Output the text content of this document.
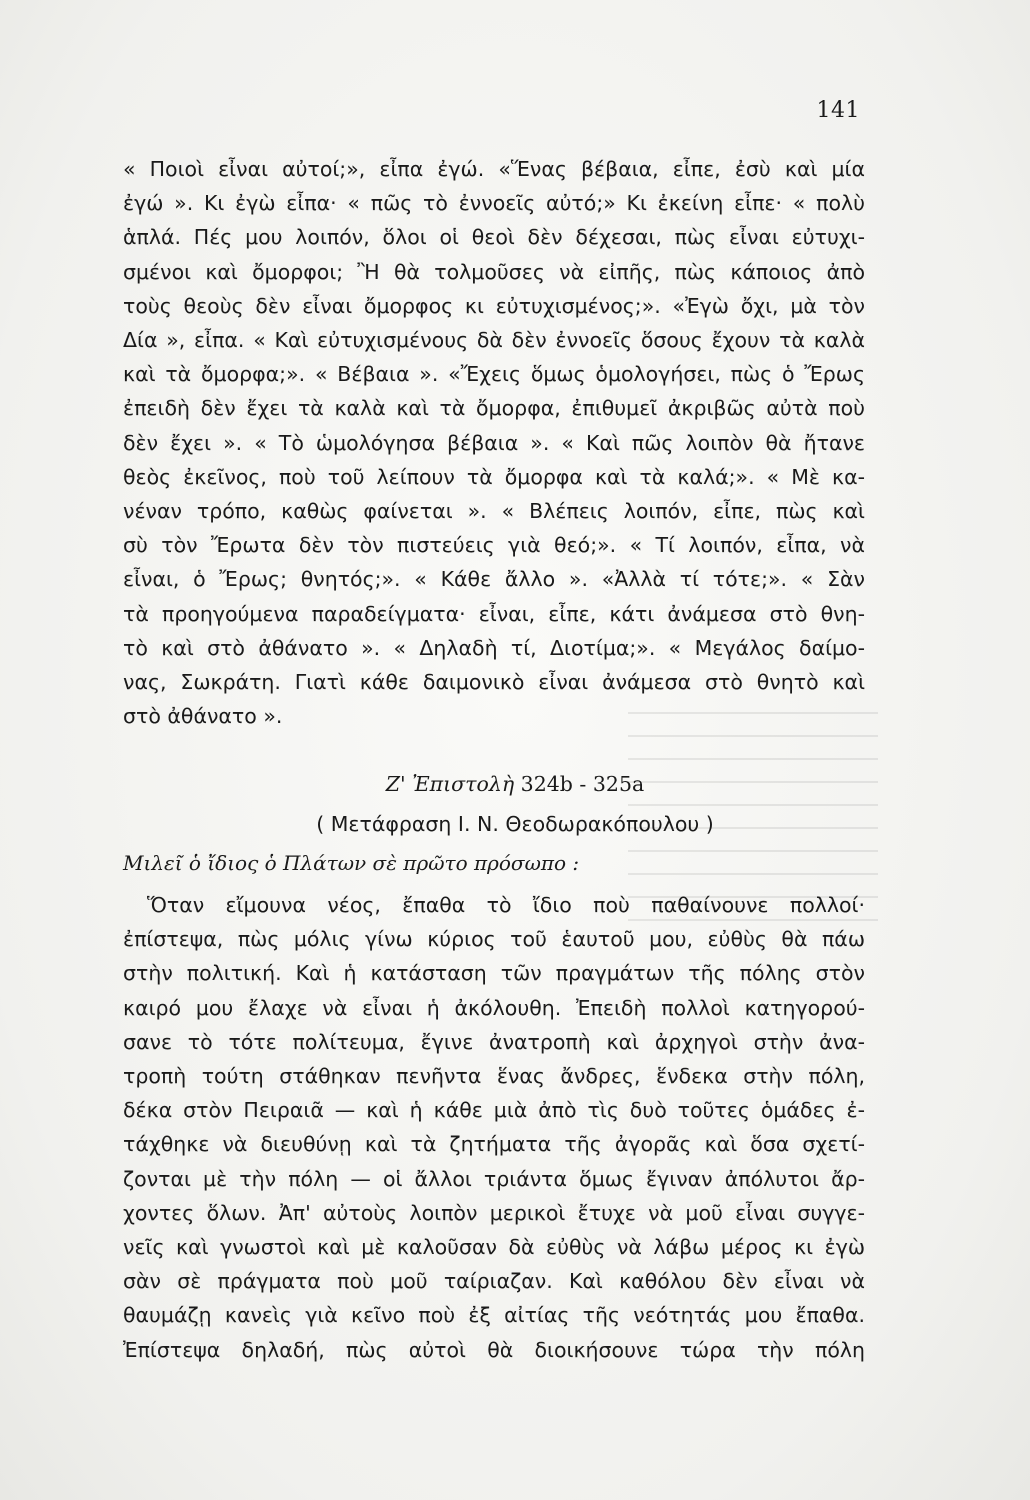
141
« Ποιοὶ εἶναι αὐτοί;», εἶπα ἐγώ. «Ἕνας βέβαια, εἶπε, ἐσὺ καὶ μία
ἐγώ ». Κι ἐγὼ εἶπα· « πῶς τὸ ἐννοεῖς αὐτό;» Κι ἐκείνη εἶπε· « πολὺ
ἁπλά. Πές μου λοιπόν, ὅλοι οἱ θεοὶ δὲν δέχεσαι, πὼς εἶναι εὐτυχι-
σμένοι καὶ ὄμορφοι; Ἢ θὰ τολμοῦσες νὰ εἰπῆς, πὼς κάποιος ἀπὸ
τοὺς θεοὺς δὲν εἶναι ὄμορφος κι εὐτυχισμένος;». «Ἐγὼ ὄχι, μὰ τὸν
Δία », εἶπα. « Καὶ εὐτυχισμένους δὰ δὲν ἐννοεῖς ὅσους ἔχουν τὰ καλὰ
καὶ τὰ ὄμορφα;». « Βέβαια ». «Ἔχεις ὅμως ὁμολογήσει, πὼς ὁ Ἔρως
ἐπειδὴ δὲν ἔχει τὰ καλὰ καὶ τὰ ὄμορφα, ἐπιθυμεῖ ἀκριβῶς αὐτὰ ποὺ
δὲν ἔχει ». « Τὸ ὡμολόγησα βέβαια ». « Καὶ πῶς λοιπὸν θὰ ἤτανε
θεὸς ἐκεῖνος, ποὺ τοῦ λείπουν τὰ ὄμορφα καὶ τὰ καλά;». « Μὲ κα-
νέναν τρόπο, καθὼς φαίνεται ». « Βλέπεις λοιπόν, εἶπε, πὼς καὶ
σὺ τὸν Ἔρωτα δὲν τὸν πιστεύεις γιὰ θεό;». « Τί λοιπόν, εἶπα, νὰ
εἶναι, ὁ Ἔρως; θνητός;». « Κάθε ἄλλο ». «Ἀλλὰ τί τότε;». « Σὰν
τὰ προηγούμενα παραδείγματα· εἶναι, εἶπε, κάτι ἀνάμεσα στὸ θνη-
τὸ καὶ στὸ ἀθάνατο ». « Δηλαδὴ τί, Διοτίμα;». « Μεγάλος δαίμο-
νας, Σωκράτη. Γιατὶ κάθε δαιμονικὸ εἶναι ἀνάμεσα στὸ θνητὸ καὶ
στὸ ἀθάνατο ».
Ζ' Ἐπιστολὴ 324b - 325a
( Μετάφραση Ι. Ν. Θεοδωρακόπουλου )
Μιλεῖ ὁ ἴδιος ὁ Πλάτων σὲ πρῶτο πρόσωπο :
Ὅταν εἴμουνα νέος, ἔπαθα τὸ ἴδιο ποὺ παθαίνουνε πολλοί·
ἐπίστεψα, πὼς μόλις γίνω κύριος τοῦ ἑαυτοῦ μου, εὐθὺς θὰ πάω
στὴν πολιτική. Καὶ ἡ κατάσταση τῶν πραγμάτων τῆς πόλης στὸν
καιρό μου ἔλαχε νὰ εἶναι ἡ ἀκόλουθη. Ἐπειδὴ πολλοὶ κατηγορού-
σανε τὸ τότε πολίτευμα, ἔγινε ἀνατροπὴ καὶ ἀρχηγοὶ στὴν ἀνα-
τροπὴ τούτη στάθηκαν πενῆντα ἕνας ἄνδρες, ἕνδεκα στὴν πόλη,
δέκα στὸν Πειραιᾶ — καὶ ἡ κάθε μιὰ ἀπὸ τὶς δυὸ τοῦτες ὁμάδες ἐ-
τάχθηκε νὰ διευθύνῃ καὶ τὰ ζητήματα τῆς ἀγορᾶς καὶ ὅσα σχετί-
ζονται μὲ τὴν πόλη — οἱ ἄλλοι τριάντα ὅμως ἔγιναν ἀπόλυτοι ἄρ-
χοντες ὅλων. Ἀπ' αὐτοὺς λοιπὸν μερικοὶ ἔτυχε νὰ μοῦ εἶναι συγγε-
νεῖς καὶ γνωστοὶ καὶ μὲ καλοῦσαν δὰ εὐθὺς νὰ λάβω μέρος κι ἐγὼ
σὰν σὲ πράγματα ποὺ μοῦ ταίριαζαν. Καὶ καθόλου δὲν εἶναι νὰ
θαυμάζῃ κανεὶς γιὰ κεῖνο ποὺ ἐξ αἰτίας τῆς νεότητάς μου ἔπαθα.
Ἐπίστεψα δηλαδή, πὼς αὐτοὶ θὰ διοικήσουνε τώρα τὴν πόλη
